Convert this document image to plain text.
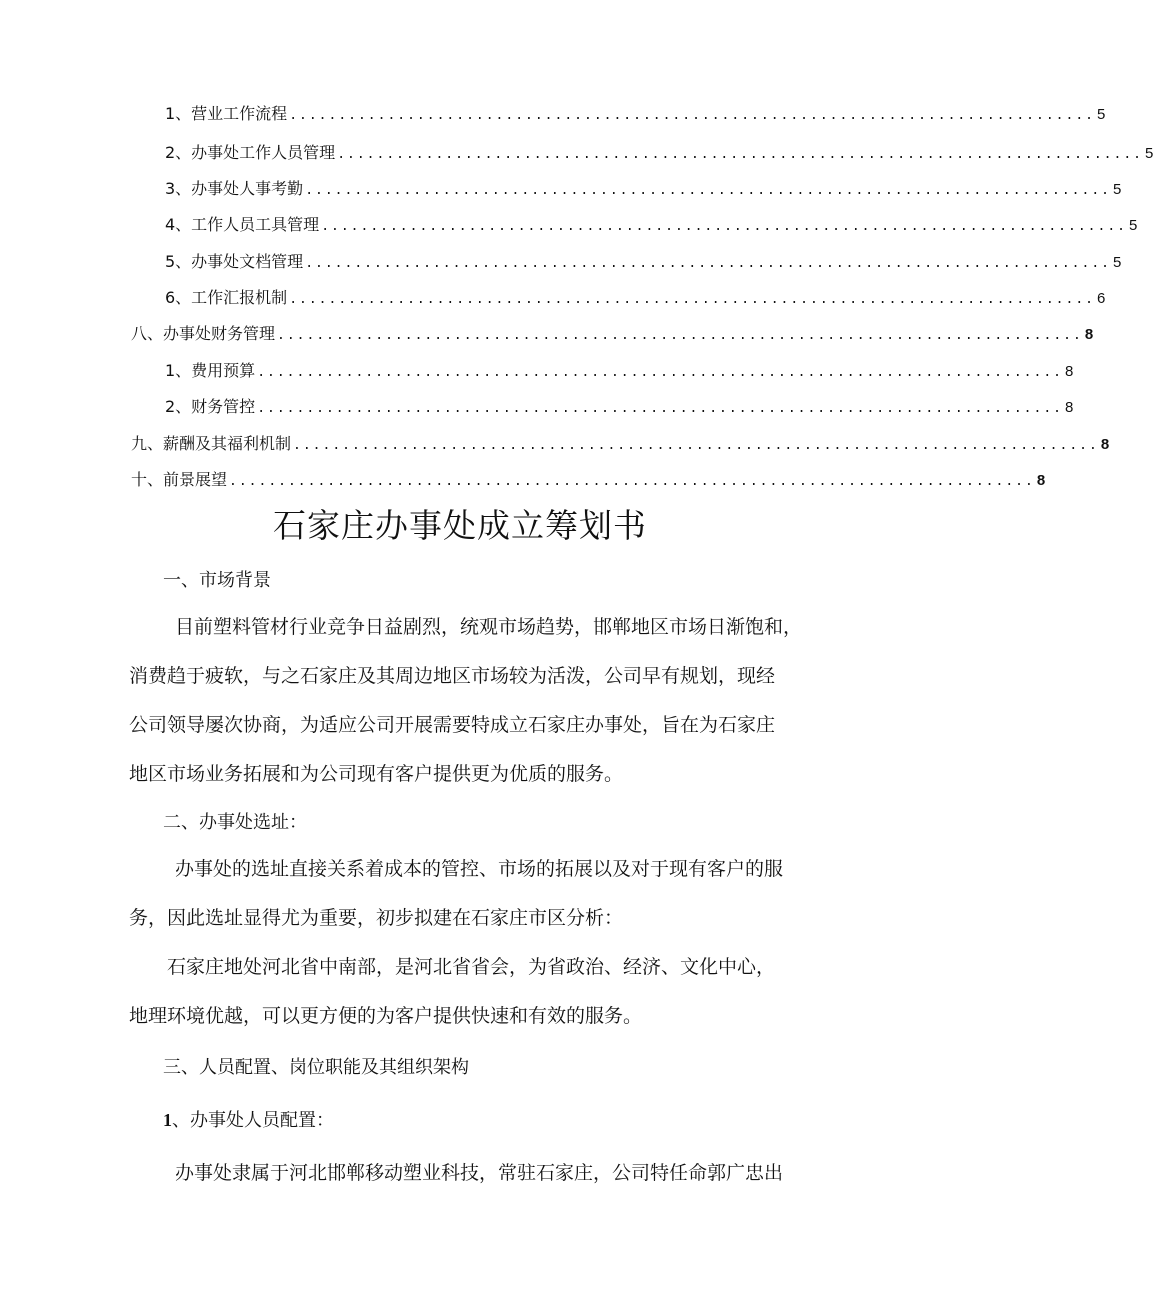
1、营业工作流程 .................................................................................. 5
2、办事处工作人员管理 .................................................................................. 5
3、办事处人事考勤 .................................................................................. 5
4、工作人员工具管理 .................................................................................. 5
5、办事处文档管理 .................................................................................. 5
6、工作汇报机制 .................................................................................. 6
八、办事处财务管理 .................................................................................. 8
1、费用预算 .................................................................................. 8
2、财务管控 .................................................................................. 8
九、薪酬及其福利机制 .................................................................................. 8
十、前景展望 .................................................................................. 8
石家庄办事处成立筹划书
一、市场背景
目前塑料管材行业竞争日益剧烈，统观市场趋势，邯郸地区市场日渐饱和，
消费趋于疲软，与之石家庄及其周边地区市场较为活泼，公司早有规划，现经
公司领导屡次协商，为适应公司开展需要特成立石家庄办事处，旨在为石家庄
地区市场业务拓展和为公司现有客户提供更为优质的服务。
二、办事处选址：
办事处的选址直接关系着成本的管控、市场的拓展以及对于现有客户的服
务，因此选址显得尤为重要，初步拟建在石家庄市区分析：
石家庄地处河北省中南部，是河北省省会，为省政治、经济、文化中心，
地理环境优越，可以更方便的为客户提供快速和有效的服务。
三、人员配置、岗位职能及其组织架构
1、办事处人员配置：
办事处隶属于河北邯郸移动塑业科技，常驻石家庄，公司特任命郭广忠出
